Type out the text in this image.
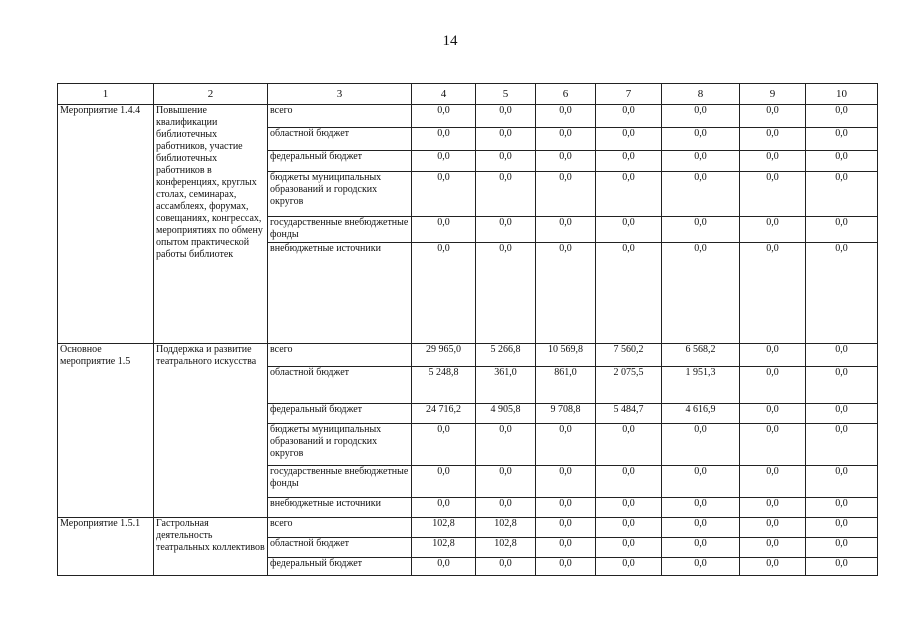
14
1	2	3	4	5	6	7	8	9	10
Мероприятие 1.4.4	Повышение квалификации библиотечных работников, участие библиотечных работников в конференциях, круглых столах, семинарах, ассамблеях, форумах, совещаниях, конгрессах, мероприятиях по обмену опытом практической работы библиотек	всего	0,0	0,0	0,0	0,0	0,0	0,0	0,0
		областной бюджет	0,0	0,0	0,0	0,0	0,0	0,0	0,0
		федеральный бюджет	0,0	0,0	0,0	0,0	0,0	0,0	0,0
		бюджеты муниципальных образований и городских округов	0,0	0,0	0,0	0,0	0,0	0,0	0,0
		государственные внебюджетные фонды	0,0	0,0	0,0	0,0	0,0	0,0	0,0
		внебюджетные источники	0,0	0,0	0,0	0,0	0,0	0,0	0,0
Основное мероприятие 1.5	Поддержка и развитие театрального искусства	всего	29 965,0	5 266,8	10 569,8	7 560,2	6 568,2	0,0	0,0
		областной бюджет	5 248,8	361,0	861,0	2 075,5	1 951,3	0,0	0,0
		федеральный бюджет	24 716,2	4 905,8	9 708,8	5 484,7	4 616,9	0,0	0,0
		бюджеты муниципальных образований и городских округов	0,0	0,0	0,0	0,0	0,0	0,0	0,0
		государственные внебюджетные фонды	0,0	0,0	0,0	0,0	0,0	0,0	0,0
		внебюджетные источники	0,0	0,0	0,0	0,0	0,0	0,0	0,0
Мероприятие 1.5.1	Гастрольная деятельность театральных коллективов	всего	102,8	102,8	0,0	0,0	0,0	0,0	0,0
		областной бюджет	102,8	102,8	0,0	0,0	0,0	0,0	0,0
		федеральный бюджет	0,0	0,0	0,0	0,0	0,0	0,0	0,0
